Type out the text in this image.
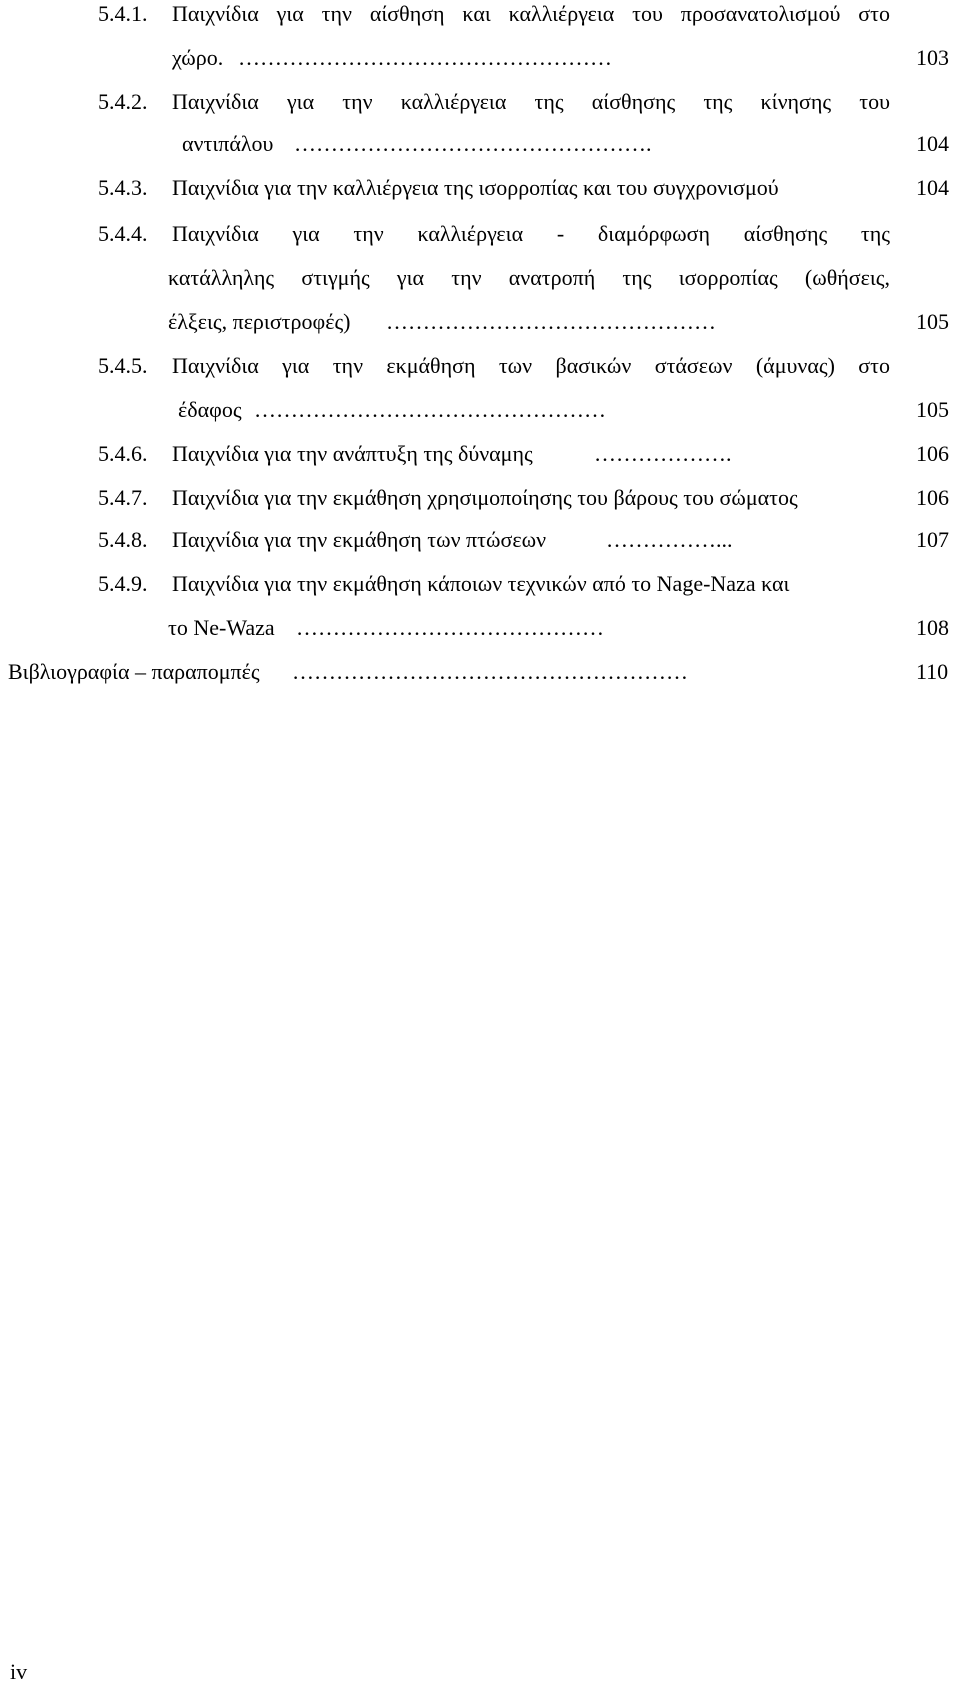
5.4.1. Παιχνίδια για την αίσθηση και καλλιέργεια του προσανατολισμού στο
χώρο. ……………………………………………	103
5.4.2. Παιχνίδια για την καλλιέργεια της αίσθησης της κίνησης του
αντιπάλου ………………………………………….	104
5.4.3. Παιχνίδια για την καλλιέργεια της ισορροπίας και του συγχρονισμού	104
5.4.4. Παιχνίδια για την καλλιέργεια - διαμόρφωση αίσθησης της
κατάλληλης στιγμής για την ανατροπή της ισορροπίας (ωθήσεις,
έλξεις, περιστροφές) ………………………………………	105
5.4.5. Παιχνίδια για την εκμάθηση των βασικών στάσεων (άμυνας) στο
έδαφος …………………………………………	105
5.4.6. Παιχνίδια για την ανάπτυξη της δύναμης	……………….	106
5.4.7. Παιχνίδια για την εκμάθηση χρησιμοποίησης του βάρους του σώματος	106
5.4.8. Παιχνίδια για την εκμάθηση των πτώσεων	……………...	107
5.4.9. Παιχνίδια για την εκμάθηση κάποιων τεχνικών από το Nage-Naza και
το Ne-Waza ……………………………………	108
Βιβλιογραφία – παραπομπές ………………………………………………	110
iv
